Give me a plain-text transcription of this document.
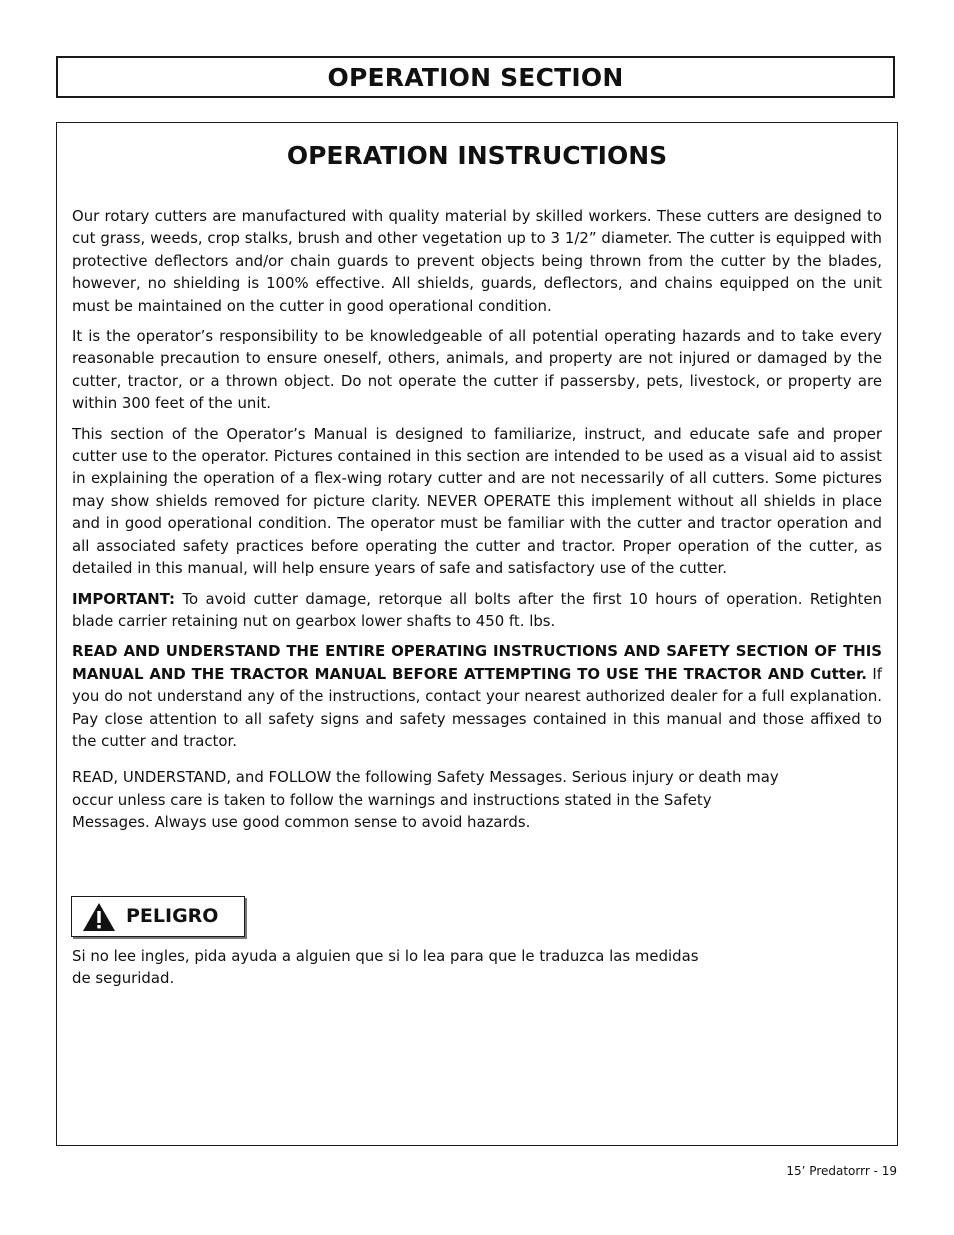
OPERATION SECTION
OPERATION INSTRUCTIONS

Our rotary cutters are manufactured with quality material by skilled workers. These cutters are designed to cut grass, weeds, crop stalks, brush and other vegetation up to 3 1/2” diameter. The cutter is equipped with protective deflectors and/or chain guards to prevent objects being thrown from the cutter by the blades, however, no shielding is 100% effective. All shields, guards, deflectors, and chains equipped on the unit must be maintained on the cutter in good operational condition.

It is the operator’s responsibility to be knowledgeable of all potential operating hazards and to take every reasonable precaution to ensure oneself, others, animals, and property are not injured or damaged by the cutter, tractor, or a thrown object. Do not operate the cutter if passersby, pets, livestock, or property are within 300 feet of the unit.

This section of the Operator’s Manual is designed to familiarize, instruct, and educate safe and proper cutter use to the operator. Pictures contained in this section are intended to be used as a visual aid to assist in explaining the operation of a flex-wing rotary cutter and are not necessarily of all cutters. Some pictures may show shields removed for picture clarity. NEVER OPERATE this implement without all shields in place and in good operational condition. The operator must be familiar with the cutter and tractor operation and all associated safety practices before operating the cutter and tractor. Proper operation of the cutter, as detailed in this manual, will help ensure years of safe and satisfactory use of the cutter.

IMPORTANT: To avoid cutter damage, retorque all bolts after the first 10 hours of operation. Retighten blade carrier retaining nut on gearbox lower shafts to 450 ft. lbs.

READ AND UNDERSTAND THE ENTIRE OPERATING INSTRUCTIONS AND SAFETY SECTION OF THIS MANUAL AND THE TRACTOR MANUAL BEFORE ATTEMPTING TO USE THE TRACTOR AND Cutter. If you do not understand any of the instructions, contact your nearest authorized dealer for a full explanation. Pay close attention to all safety signs and safety messages contained in this manual and those affixed to the cutter and tractor.

READ, UNDERSTAND, and FOLLOW the following Safety Messages. Serious injury or death may occur unless care is taken to follow the warnings and instructions stated in the Safety Messages. Always use good common sense to avoid hazards.

PELIGRO

Si no lee ingles, pida ayuda a alguien que si lo lea para que le traduzca las medidas de seguridad.

15’ Predatorrr - 19
